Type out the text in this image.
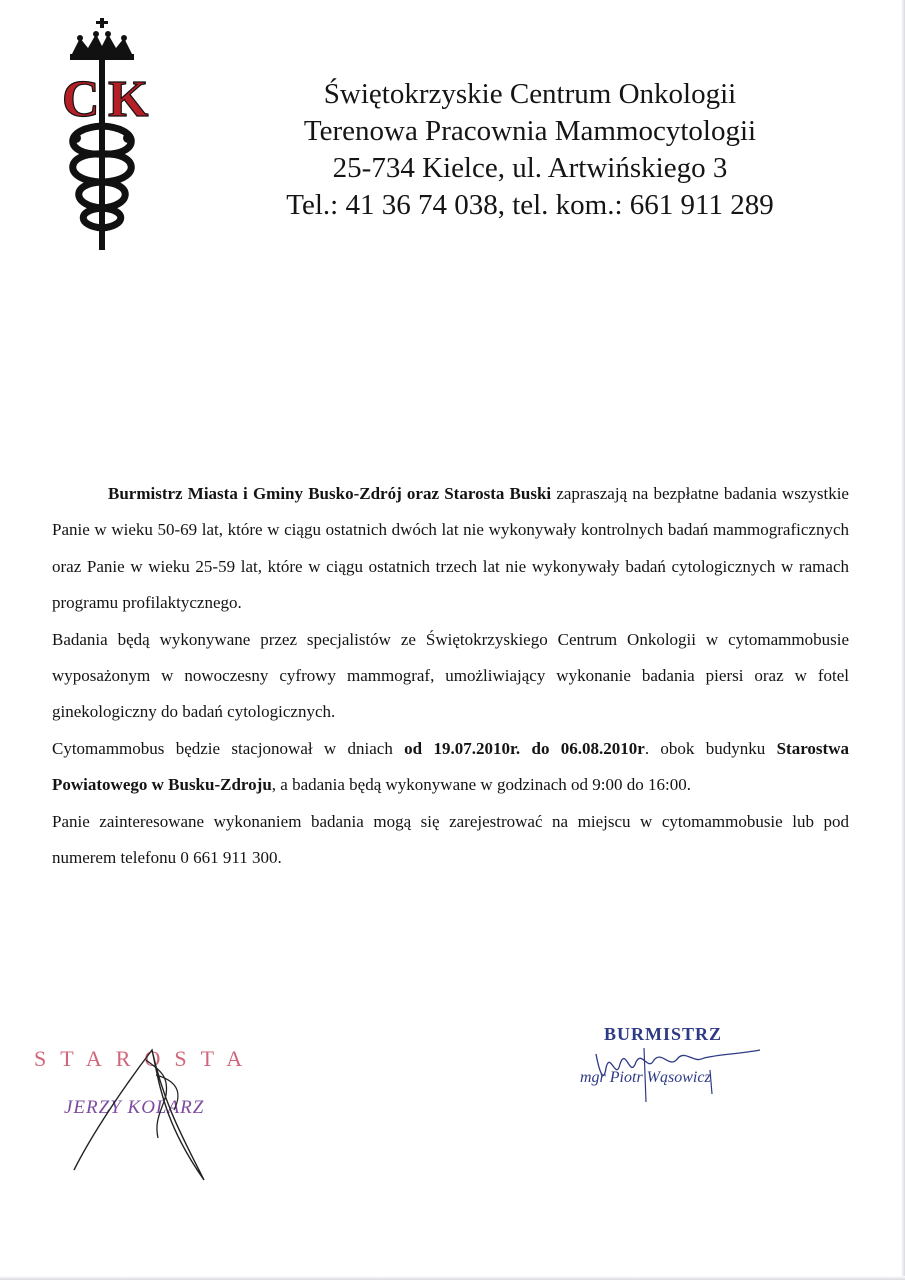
C K	Świętokrzyskie Centrum Onkologii
Terenowa Pracownia Mammocytologii
25-734 Kielce, ul. Artwińskiego 3
Tel.: 41 36 74 038, tel. kom.: 661 911 289

Burmistrz Miasta i Gminy Busko-Zdrój oraz Starosta Buski zapraszają na bezpłatne badania wszystkie Panie w wieku 50-69 lat, które w ciągu ostatnich dwóch lat nie wykonywały kontrolnych badań mammograficznych oraz Panie w wieku 25-59 lat, które w ciągu ostatnich trzech lat nie wykonywały badań cytologicznych w ramach programu profilaktycznego.

Badania będą wykonywane przez specjalistów ze Świętokrzyskiego Centrum Onkologii w cytomammobusie wyposażonym w nowoczesny cyfrowy mammograf, umożliwiający wykonanie badania piersi oraz w fotel ginekologiczny do badań cytologicznych.

Cytomammobus będzie stacjonował w dniach od 19.07.2010r. do 06.08.2010r. obok budynku Starostwa Powiatowego w Busku-Zdroju, a badania będą wykonywane w godzinach od 9:00 do 16:00.

Panie zainteresowane wykonaniem badania mogą się zarejestrować na miejscu w cytomammobusie lub pod numerem telefonu 0 661 911 300.

STAROSTA
JERZY KOLARZ
BURMISTRZ
mgr Piotr Wąsowicz
